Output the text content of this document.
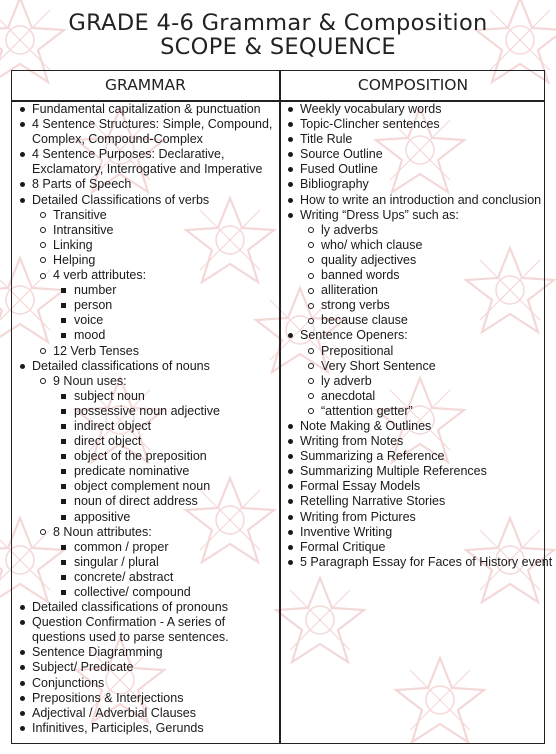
GRADE 4-6 Grammar & Composition
SCOPE & SEQUENCE
GRAMMAR	COMPOSITION
Fundamental capitalization & punctuation
4 Sentence Structures: Simple, Compound, Complex, Compound-Complex
4 Sentence Purposes: Declarative, Exclamatory, Interrogative and Imperative
8 Parts of Speech
Detailed Classifications of verbs
Transitive
Intransitive
Linking
Helping
4 verb attributes:
number
person
voice
mood
12 Verb Tenses
Detailed classifications of nouns
9 Noun uses:
subject noun
possessive noun adjective
indirect object
direct object
object of the preposition
predicate nominative
object complement noun
noun of direct address
appositive
8 Noun attributes:
common / proper
singular / plural
concrete/ abstract
collective/ compound
Detailed classifications of pronouns
Question Confirmation - A series of questions used to parse sentences.
Sentence Diagramming
Subject/ Predicate
Conjunctions
Prepositions & Interjections
Adjectival / Adverbial Clauses
Infinitives, Participles, Gerunds
Weekly vocabulary words
Topic-Clincher sentences
Title Rule
Source Outline
Fused Outline
Bibliography
How to write an introduction and conclusion
Writing “Dress Ups” such as:
ly adverbs
who/ which clause
quality adjectives
banned words
alliteration
strong verbs
because clause
Sentence Openers:
Prepositional
Very Short Sentence
ly adverb
anecdotal
“attention getter”
Note Making & Outlines
Writing from Notes
Summarizing a Reference
Summarizing Multiple References
Formal Essay Models
Retelling Narrative Stories
Writing from Pictures
Inventive Writing
Formal Critique
5 Paragraph Essay for Faces of History event
